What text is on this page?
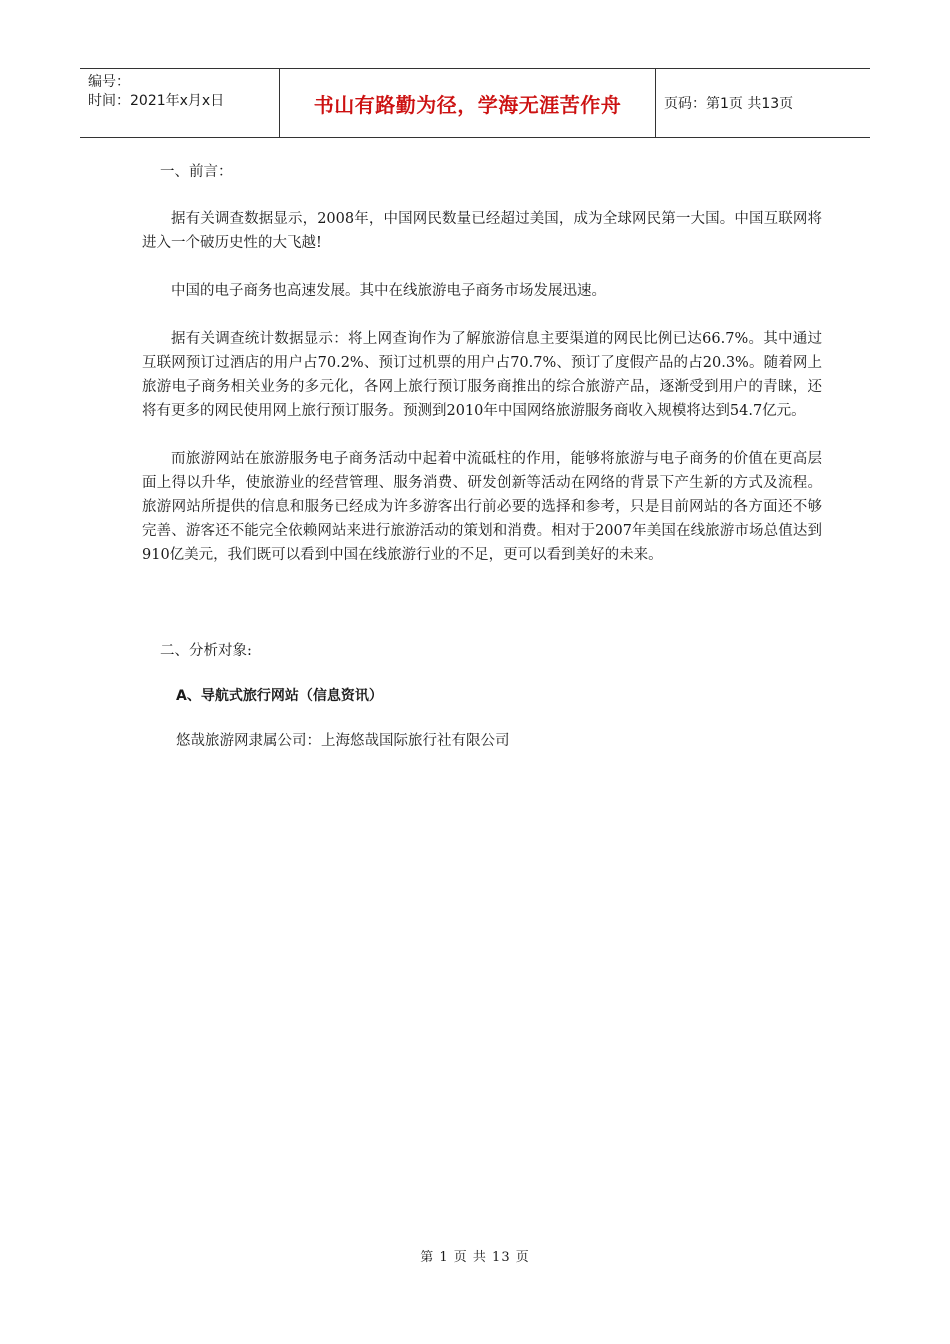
编号：
时间：2021年x月x日	书山有路勤为径，学海无涯苦作舟	页码：第1页 共13页

一、前言：

据有关调查数据显示，2008年，中国网民数量已经超过美国，成为全球网民第一大国。中国互联网将进入一个破历史性的大飞越!

中国的电子商务也高速发展。其中在线旅游电子商务市场发展迅速。

据有关调查统计数据显示：将上网查询作为了解旅游信息主要渠道的网民比例已达66.7%。其中通过互联网预订过酒店的用户占70.2%、预订过机票的用户占70.7%、预订了度假产品的占20.3%。随着网上旅游电子商务相关业务的多元化，各网上旅行预订服务商推出的综合旅游产品，逐渐受到用户的青睐，还将有更多的网民使用网上旅行预订服务。预测到2010年中国网络旅游服务商收入规模将达到54.7亿元。

而旅游网站在旅游服务电子商务活动中起着中流砥柱的作用，能够将旅游与电子商务的价值在更高层面上得以升华，使旅游业的经营管理、服务消费、研发创新等活动在网络的背景下产生新的方式及流程。旅游网站所提供的信息和服务已经成为许多游客出行前必要的选择和参考，只是目前网站的各方面还不够完善、游客还不能完全依赖网站来进行旅游活动的策划和消费。相对于2007年美国在线旅游市场总值达到910亿美元，我们既可以看到中国在线旅游行业的不足，更可以看到美好的未来。

二、分析对象:

A、导航式旅行网站（信息资讯）

悠哉旅游网隶属公司：上海悠哉国际旅行社有限公司

第 1 页 共 13 页
